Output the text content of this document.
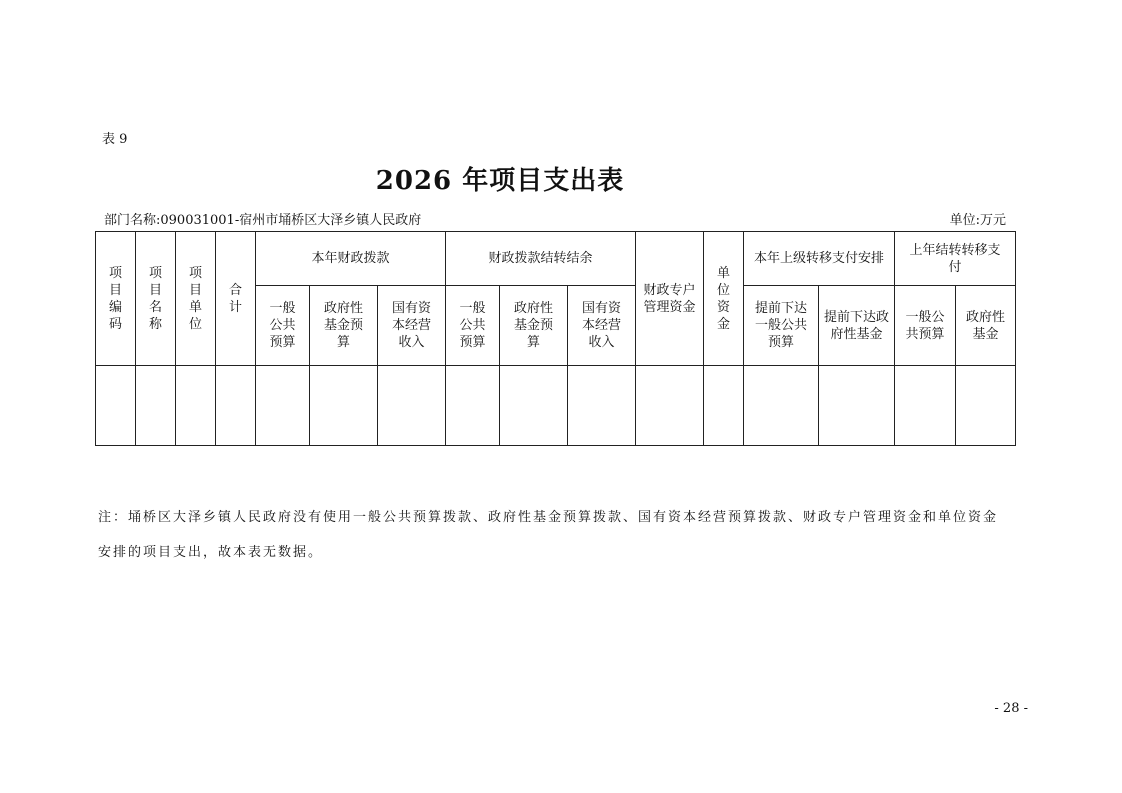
表 9
2026 年项目支出表
部门名称:090031001-宿州市埇桥区大泽乡镇人民政府	单位:万元
项目编码	项目名称	项目单位	合计	本年财政拨款			财政拨款结转结余			财政专户管理资金	单位资金	本年上级转移支付安排		上年结转转移支付	

				一般公共预算	政府性基金预算	国有资本经营收入	一般公共预算	政府性基金预算	国有资本经营收入			提前下达一般公共预算	提前下达政府性基金	一般公共预算	政府性基金

注：埇桥区大泽乡镇人民政府没有使用一般公共预算拨款、政府性基金预算拨款、国有资本经营预算拨款、财政专户管理资金和单位资金
安排的项目支出，故本表无数据。
- 28 -
